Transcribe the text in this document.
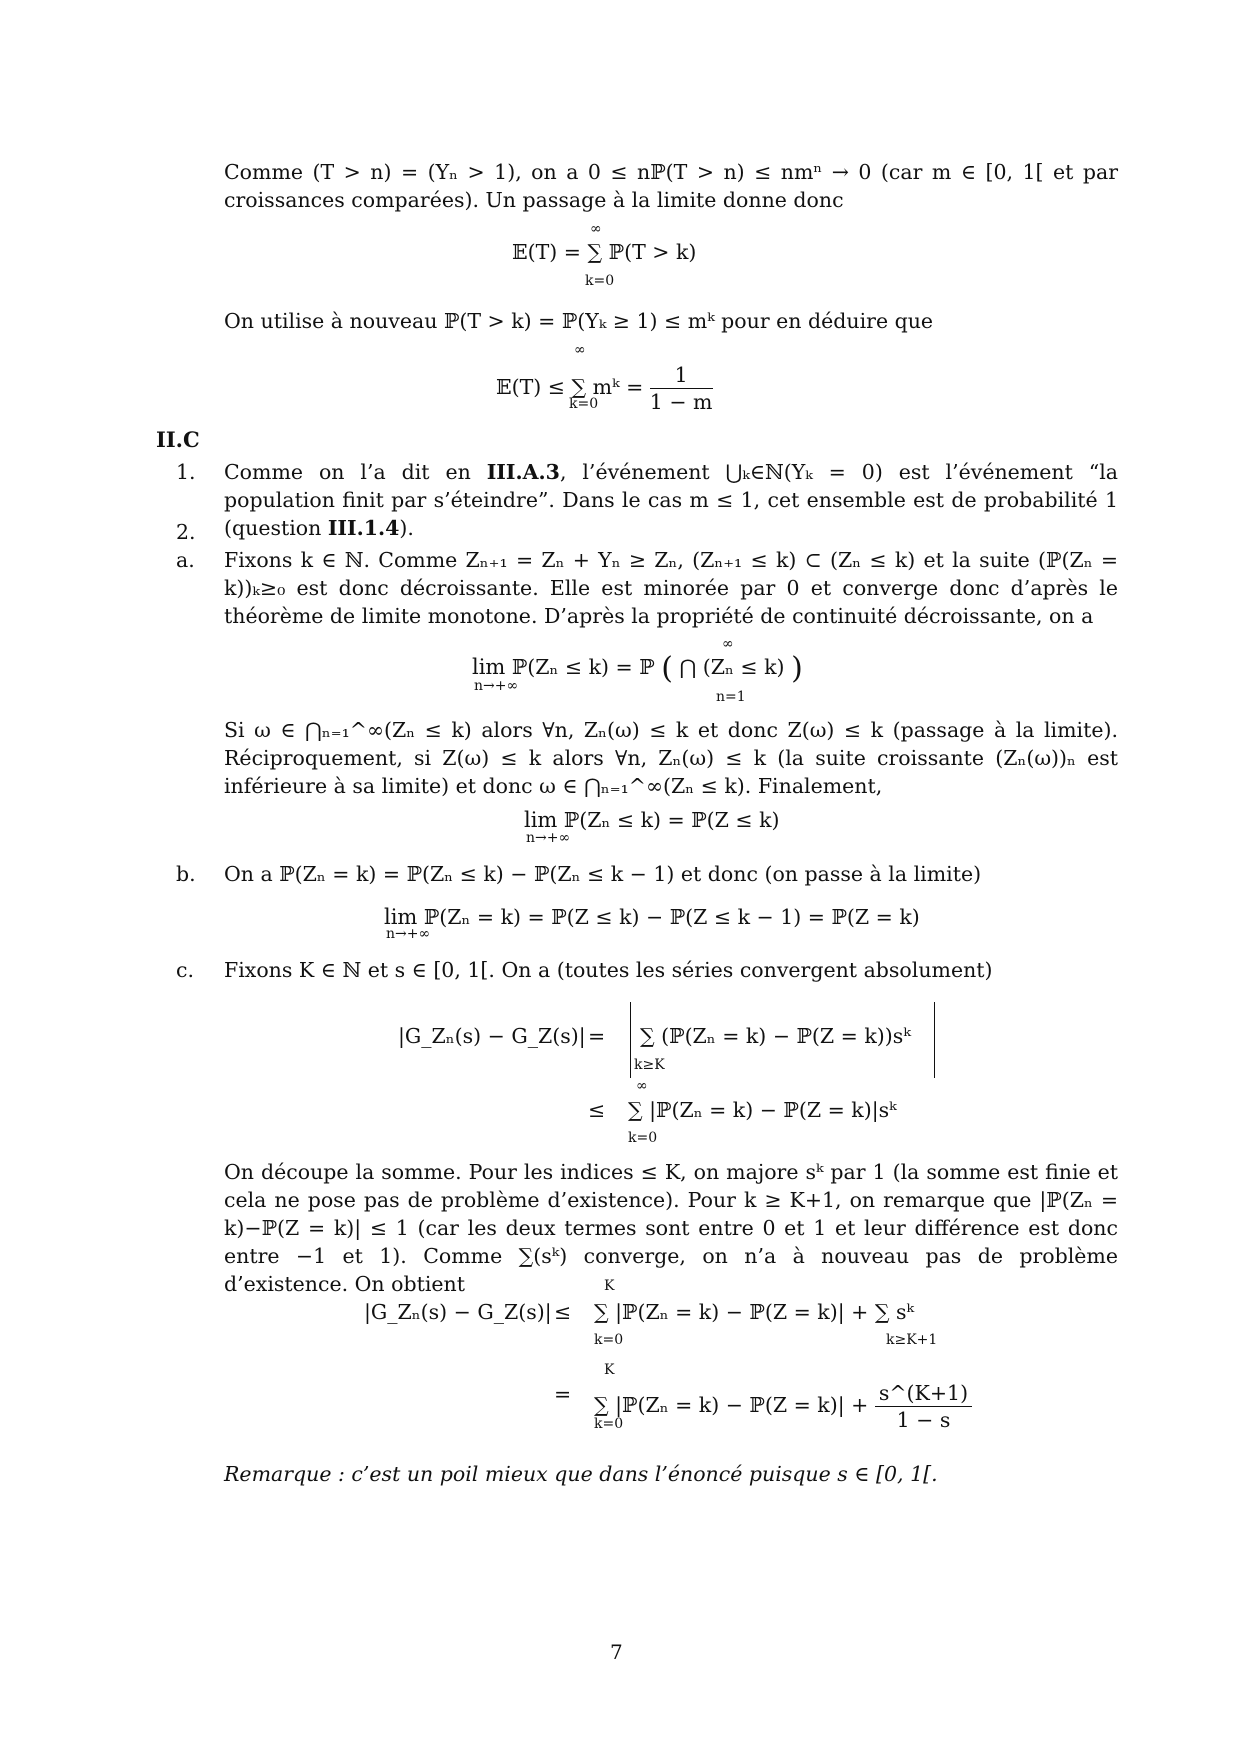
Comme (T > n) = (Yₙ > 1), on a 0 ≤ nℙ(T > n) ≤ nmⁿ → 0 (car m ∈ [0, 1[ et par croissances comparées). Un passage à la limite donne donc
𝔼(T) = ∑ ℙ(T > k)
∞
k=0
On utilise à nouveau ℙ(T > k) = ℙ(Yₖ ≥ 1) ≤ mᵏ pour en déduire que
𝔼(T) ≤ ∑ mᵏ = $\frac{1}{1 - m}$
∞
k=0
II.C
1. Comme on l’a dit en III.A.3, l’événement ⋃ₖ∈ℕ(Yₖ = 0) est l’événement “la population finit par s’éteindre”. Dans le cas m ≤ 1, cet ensemble est de probabilité 1 (question III.1.4).
2.
a. Fixons k ∈ ℕ. Comme Zₙ₊₁ = Zₙ + Yₙ ≥ Zₙ, (Zₙ₊₁ ≤ k) ⊂ (Zₙ ≤ k) et la suite (ℙ(Zₙ = k))ₖ≥₀ est donc décroissante. Elle est minorée par 0 et converge donc d’après le théorème de limite monotone. D’après la propriété de continuité décroissante, on a
lim ℙ(Zₙ ≤ k) = ℙ ( ⋂ (Zₙ ≤ k) )
n→+∞
∞
n=1
Si ω ∈ ⋂ₙ₌₁^∞(Zₙ ≤ k) alors ∀n, Zₙ(ω) ≤ k et donc Z(ω) ≤ k (passage à la limite). Réciproquement, si Z(ω) ≤ k alors ∀n, Zₙ(ω) ≤ k (la suite croissante (Zₙ(ω))ₙ est inférieure à sa limite) et donc ω ∈ ⋂ₙ₌₁^∞(Zₙ ≤ k). Finalement,
lim ℙ(Zₙ ≤ k) = ℙ(Z ≤ k)
n→+∞
b. On a ℙ(Zₙ = k) = ℙ(Zₙ ≤ k) − ℙ(Zₙ ≤ k − 1) et donc (on passe à la limite)
lim ℙ(Zₙ = k) = ℙ(Z ≤ k) − ℙ(Z ≤ k − 1) = ℙ(Z = k)
n→+∞
c. Fixons K ∈ ℕ et s ∈ [0, 1[. On a (toutes les séries convergent absolument)
|G_Zₙ(s) − G_Z(s)| = ∑ (ℙ(Zₙ = k) − ℙ(Z = k))sᵏ
k≥K
≤ ∑ |ℙ(Zₙ = k) − ℙ(Z = k)|sᵏ
∞
k=0
On découpe la somme. Pour les indices ≤ K, on majore sᵏ par 1 (la somme est finie et cela ne pose pas de problème d’existence). Pour k ≥ K+1, on remarque que |ℙ(Zₙ = k)−ℙ(Z = k)| ≤ 1 (car les deux termes sont entre 0 et 1 et leur différence est donc entre −1 et 1). Comme ∑(sᵏ) converge, on n’a à nouveau pas de problème d’existence. On obtient
|G_Zₙ(s) − G_Z(s)| ≤ ∑ |ℙ(Zₙ = k) − ℙ(Z = k)| + ∑ sᵏ
K
k=0	k≥K+1
= ∑ |ℙ(Zₙ = k) − ℙ(Z = $k)| + \frac{s\^{}(K+1)}{1 - s}$
K
k=0
Remarque : c’est un poil mieux que dans l’énoncé puisque s ∈ [0, 1[.
7
